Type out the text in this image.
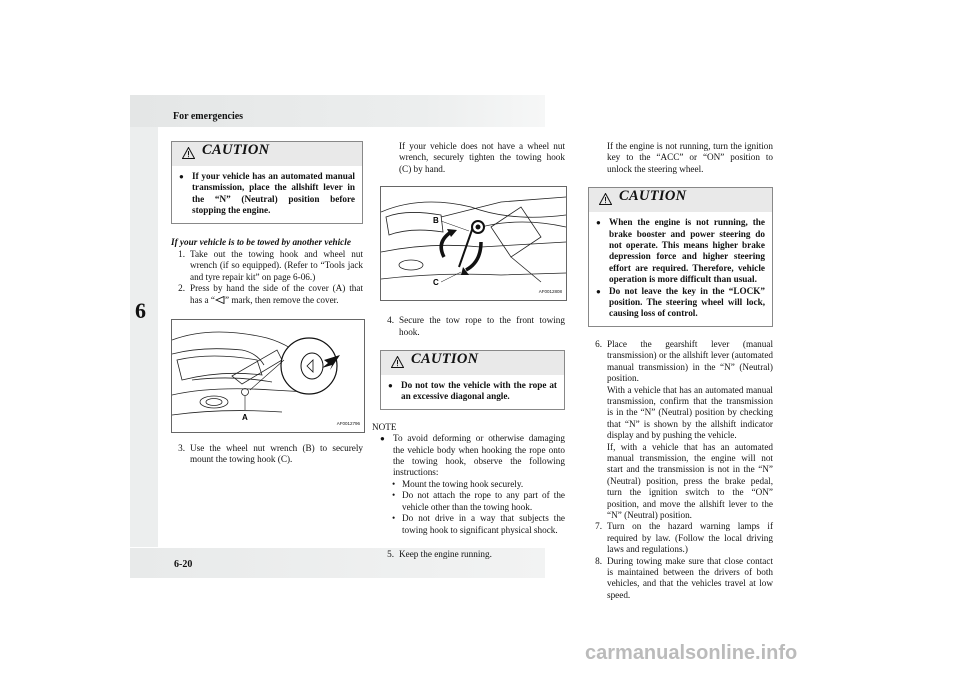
For emergencies
6
6-20
CAUTION
● If your vehicle has an automated manual transmission, place the allshift lever in the “N” (Neutral) position before stopping the engine.

If your vehicle is to be towed by another vehicle

1. Take out the towing hook and wheel nut wrench (if so equipped). (Refer to “Tools jack and tyre repair kit” on page 6-06.)
2. Press by hand the side of the cover (A) that has a “ ” mark, then remove the cover.
A
AF0012796
3. Use the wheel nut wrench (B) to securely mount the towing hook (C).

If your vehicle does not have a wheel nut wrench, securely tighten the towing hook (C) by hand.

B
C
AF0012808
4. Secure the tow rope to the front towing hook.
CAUTION
● Do not tow the vehicle with the rope at an excessive diagonal angle.

NOTE

● To avoid deforming or otherwise damaging the vehicle body when hooking the rope onto the towing hook, observe the following instructions:
• Mount the towing hook securely.
• Do not attach the rope to any part of the vehicle other than the towing hook.
• Do not drive in a way that subjects the towing hook to significant physical shock.
5. Keep the engine running.

If the engine is not running, turn the ignition key to the “ACC” or “ON” position to unlock the steering wheel.

CAUTION
● When the engine is not running, the brake booster and power steering do not operate. This means higher brake depression force and higher steering effort are required. Therefore, vehicle operation is more difficult than usual.
● Do not leave the key in the “LOCK” position. The steering wheel will lock, causing loss of control.
6. Place the gearshift lever (manual transmission) or the allshift lever (automated manual transmission) in the “N” (Neutral) position.
With a vehicle that has an automated manual transmission, confirm that the transmission is in the “N” (Neutral) position by checking that “N” is shown by the allshift indicator display and by pushing the vehicle.
If, with a vehicle that has an automated manual transmission, the engine will not start and the transmission is not in the “N” (Neutral) position, press the brake pedal, turn the ignition switch to the “ON” position, and move the allshift lever to the “N” (Neutral) position.
7. Turn on the hazard warning lamps if required by law. (Follow the local driving laws and regulations.)
8. During towing make sure that close contact is maintained between the drivers of both vehicles, and that the vehicles travel at low speed.
carmanualsonline.info
